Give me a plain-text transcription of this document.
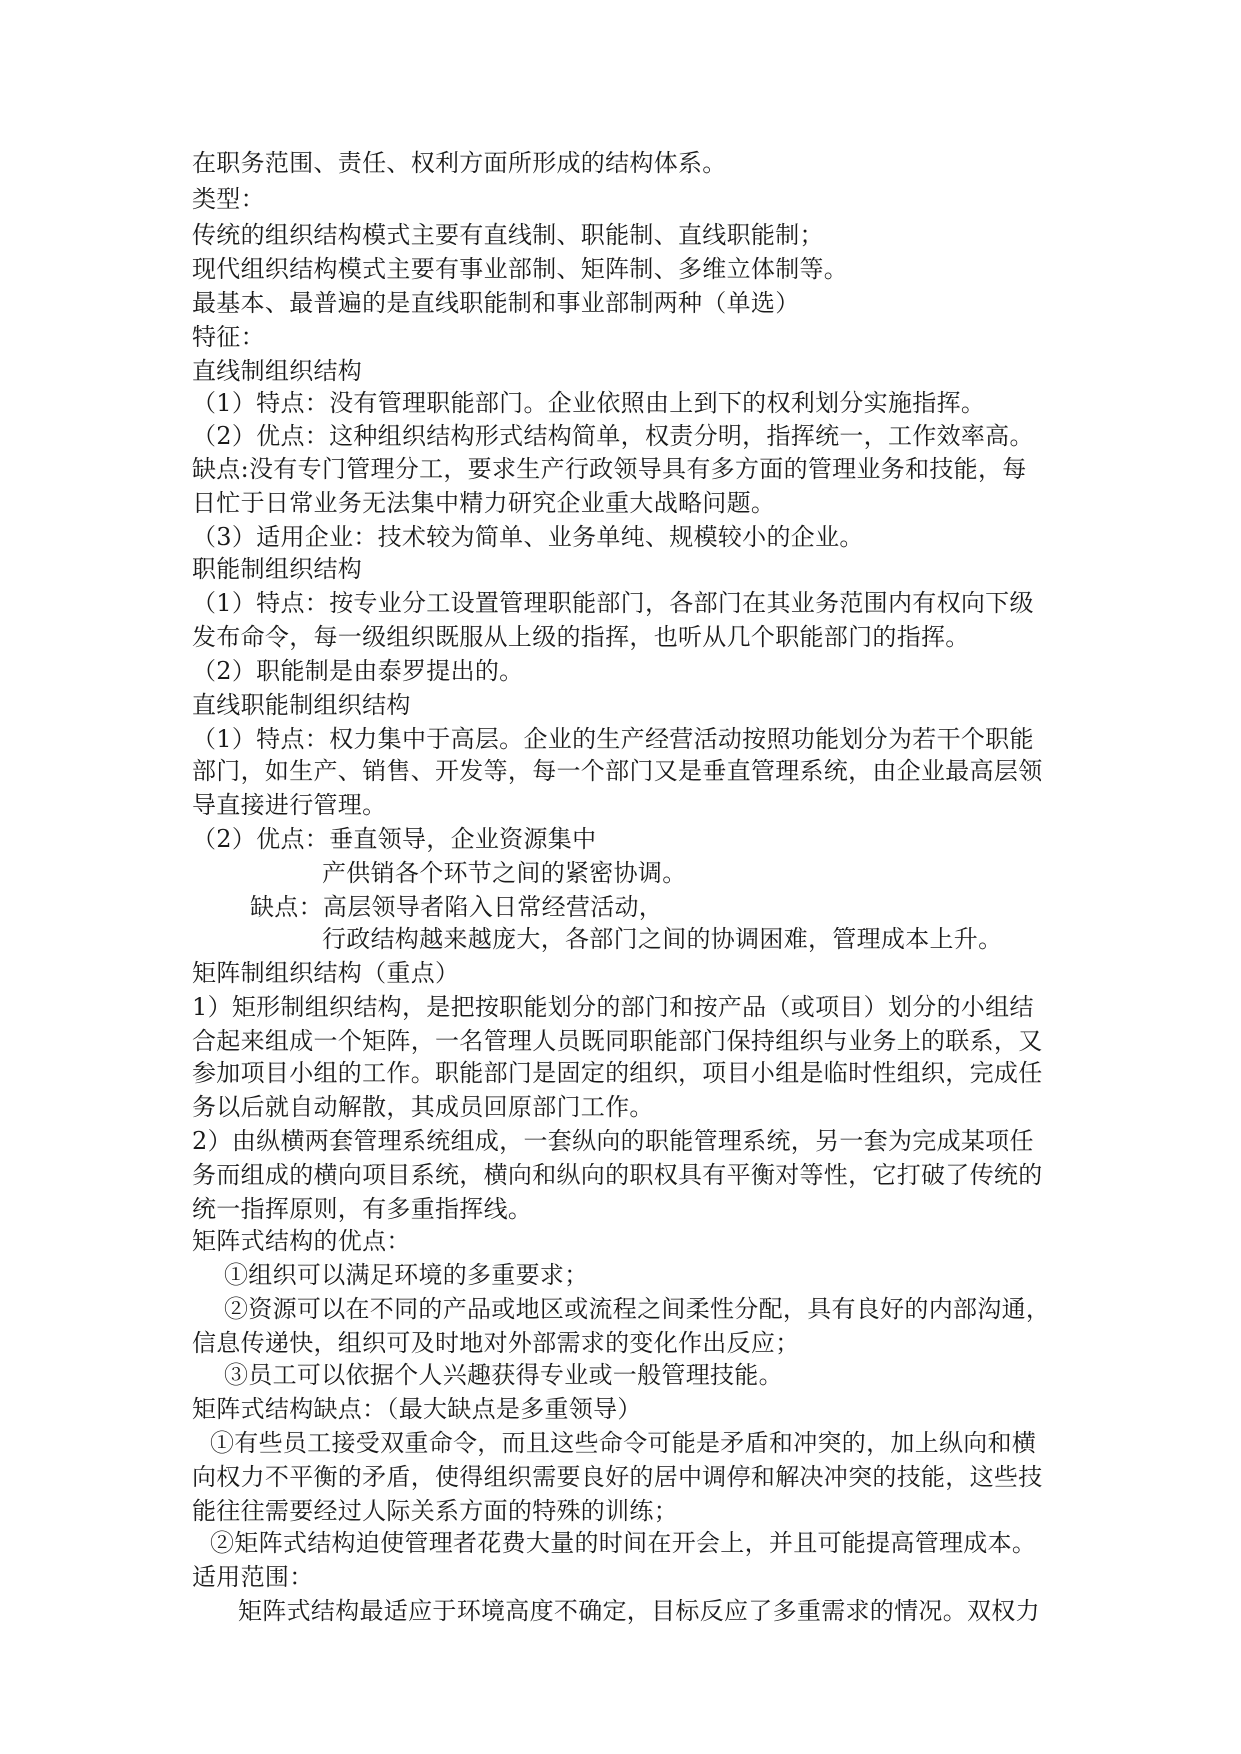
在职务范围、责任、权利方面所形成的结构体系。
类型：
传统的组织结构模式主要有直线制、职能制、直线职能制；
现代组织结构模式主要有事业部制、矩阵制、多维立体制等。
最基本、最普遍的是直线职能制和事业部制两种（单选）
特征：
直线制组织结构
（1）特点：没有管理职能部门。企业依照由上到下的权利划分实施指挥。
（2）优点：这种组织结构形式结构简单，权责分明，指挥统一，工作效率高。
缺点:没有专门管理分工，要求生产行政领导具有多方面的管理业务和技能，每
日忙于日常业务无法集中精力研究企业重大战略问题。
（3）适用企业：技术较为简单、业务单纯、规模较小的企业。
职能制组织结构
（1）特点：按专业分工设置管理职能部门，各部门在其业务范围内有权向下级
发布命令，每一级组织既服从上级的指挥，也听从几个职能部门的指挥。
（2）职能制是由泰罗提出的。
直线职能制组织结构
（1）特点：权力集中于高层。企业的生产经营活动按照功能划分为若干个职能
部门，如生产、销售、开发等，每一个部门又是垂直管理系统，由企业最高层领
导直接进行管理。
（2）优点：垂直领导，企业资源集中
产供销各个环节之间的紧密协调。
缺点：高层领导者陷入日常经营活动，
行政结构越来越庞大，各部门之间的协调困难，管理成本上升。
矩阵制组织结构（重点）
1）矩形制组织结构，是把按职能划分的部门和按产品（或项目）划分的小组结
合起来组成一个矩阵，一名管理人员既同职能部门保持组织与业务上的联系，又
参加项目小组的工作。职能部门是固定的组织，项目小组是临时性组织，完成任
务以后就自动解散，其成员回原部门工作。
2）由纵横两套管理系统组成，一套纵向的职能管理系统，另一套为完成某项任
务而组成的横向项目系统，横向和纵向的职权具有平衡对等性，它打破了传统的
统一指挥原则，有多重指挥线。
矩阵式结构的优点：
①组织可以满足环境的多重要求；
②资源可以在不同的产品或地区或流程之间柔性分配，具有良好的内部沟通，
信息传递快，组织可及时地对外部需求的变化作出反应；
③员工可以依据个人兴趣获得专业或一般管理技能。
矩阵式结构缺点：（最大缺点是多重领导）
①有些员工接受双重命令，而且这些命令可能是矛盾和冲突的，加上纵向和横
向权力不平衡的矛盾，使得组织需要良好的居中调停和解决冲突的技能，这些技
能往往需要经过人际关系方面的特殊的训练；
②矩阵式结构迫使管理者花费大量的时间在开会上，并且可能提高管理成本。
适用范围：
矩阵式结构最适应于环境高度不确定，目标反应了多重需求的情况。双权力
